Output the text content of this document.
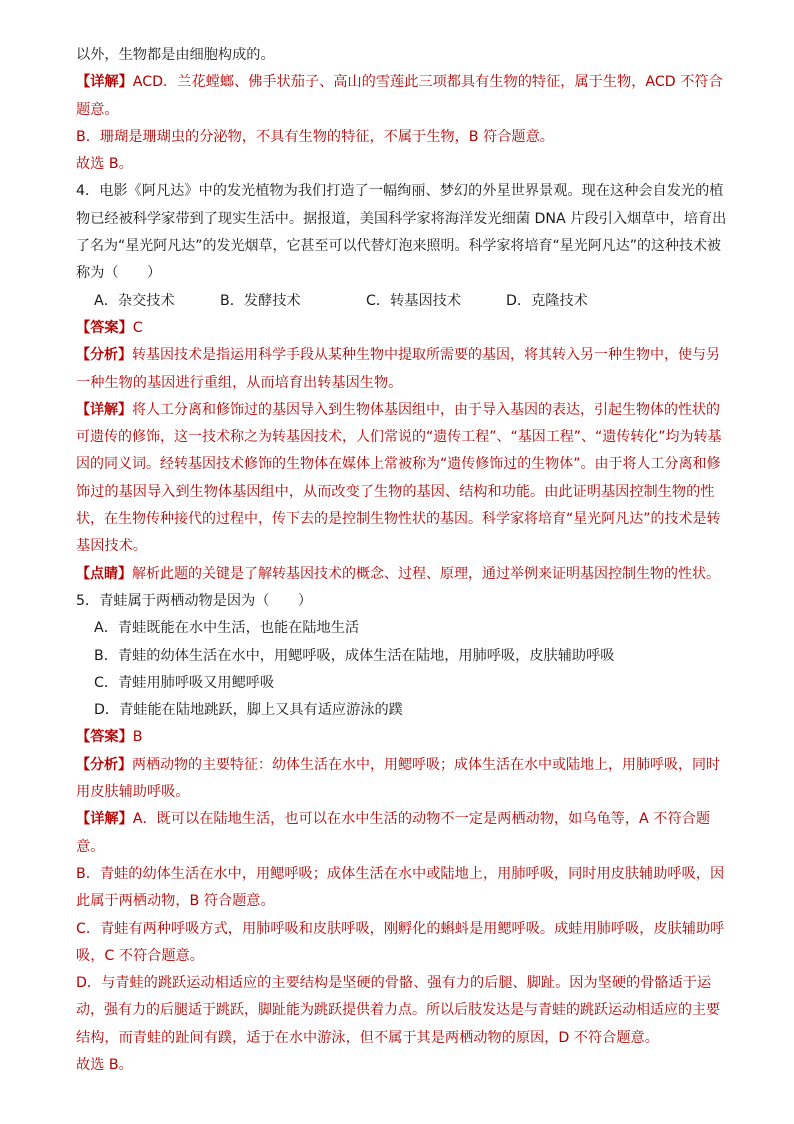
以外，生物都是由细胞构成的。
【详解】ACD．兰花螳螂、佛手状茄子、高山的雪莲此三项都具有生物的特征，属于生物，ACD 不符合
题意。
B．珊瑚是珊瑚虫的分泌物，不具有生物的特征，不属于生物，B 符合题意。
故选 B。
4．电影《阿凡达》中的发光植物为我们打造了一幅绚丽、梦幻的外星世界景观。现在这种会自发光的植
物已经被科学家带到了现实生活中。据报道，美国科学家将海洋发光细菌 DNA 片段引入烟草中，培育出
了名为“星光阿凡达”的发光烟草，它甚至可以代替灯泡来照明。科学家将培育“星光阿凡达”的这种技术被
称为（　　）
A．杂交技术	B．发酵技术	C．转基因技术	D．克隆技术
【答案】C
【分析】转基因技术是指运用科学手段从某种生物中提取所需要的基因，将其转入另一种生物中，使与另
一种生物的基因进行重组，从而培育出转基因生物。
【详解】将人工分离和修饰过的基因导入到生物体基因组中，由于导入基因的表达，引起生物体的性状的
可遗传的修饰，这一技术称之为转基因技术，人们常说的“遗传工程”、“基因工程”、“遗传转化”均为转基
因的同义词。经转基因技术修饰的生物体在媒体上常被称为“遗传修饰过的生物体”。由于将人工分离和修
饰过的基因导入到生物体基因组中，从而改变了生物的基因、结构和功能。由此证明基因控制生物的性
状，在生物传种接代的过程中，传下去的是控制生物性状的基因。科学家将培育“星光阿凡达”的技术是转
基因技术。
【点睛】解析此题的关键是了解转基因技术的概念、过程、原理，通过举例来证明基因控制生物的性状。
5．青蛙属于两栖动物是因为（　　）
A．青蛙既能在水中生活，也能在陆地生活
B．青蛙的幼体生活在水中，用鳃呼吸，成体生活在陆地，用肺呼吸，皮肤辅助呼吸
C．青蛙用肺呼吸又用鳃呼吸
D．青蛙能在陆地跳跃，脚上又具有适应游泳的蹼
【答案】B
【分析】两栖动物的主要特征：幼体生活在水中，用鳃呼吸；成体生活在水中或陆地上，用肺呼吸，同时
用皮肤辅助呼吸。
【详解】A．既可以在陆地生活，也可以在水中生活的动物不一定是两栖动物，如乌龟等，A 不符合题
意。
B．青蛙的幼体生活在水中，用鳃呼吸；成体生活在水中或陆地上，用肺呼吸，同时用皮肤辅助呼吸，因
此属于两栖动物，B 符合题意。
C．青蛙有两种呼吸方式，用肺呼吸和皮肤呼吸，刚孵化的蝌蚪是用鳃呼吸。成蛙用肺呼吸，皮肤辅助呼
吸，C 不符合题意。
D．与青蛙的跳跃运动相适应的主要结构是坚硬的骨骼、强有力的后腿、脚趾。因为坚硬的骨骼适于运
动，强有力的后腿适于跳跃，脚趾能为跳跃提供着力点。所以后肢发达是与青蛙的跳跃运动相适应的主要
结构，而青蛙的趾间有蹼，适于在水中游泳，但不属于其是两栖动物的原因，D 不符合题意。
故选 B。
